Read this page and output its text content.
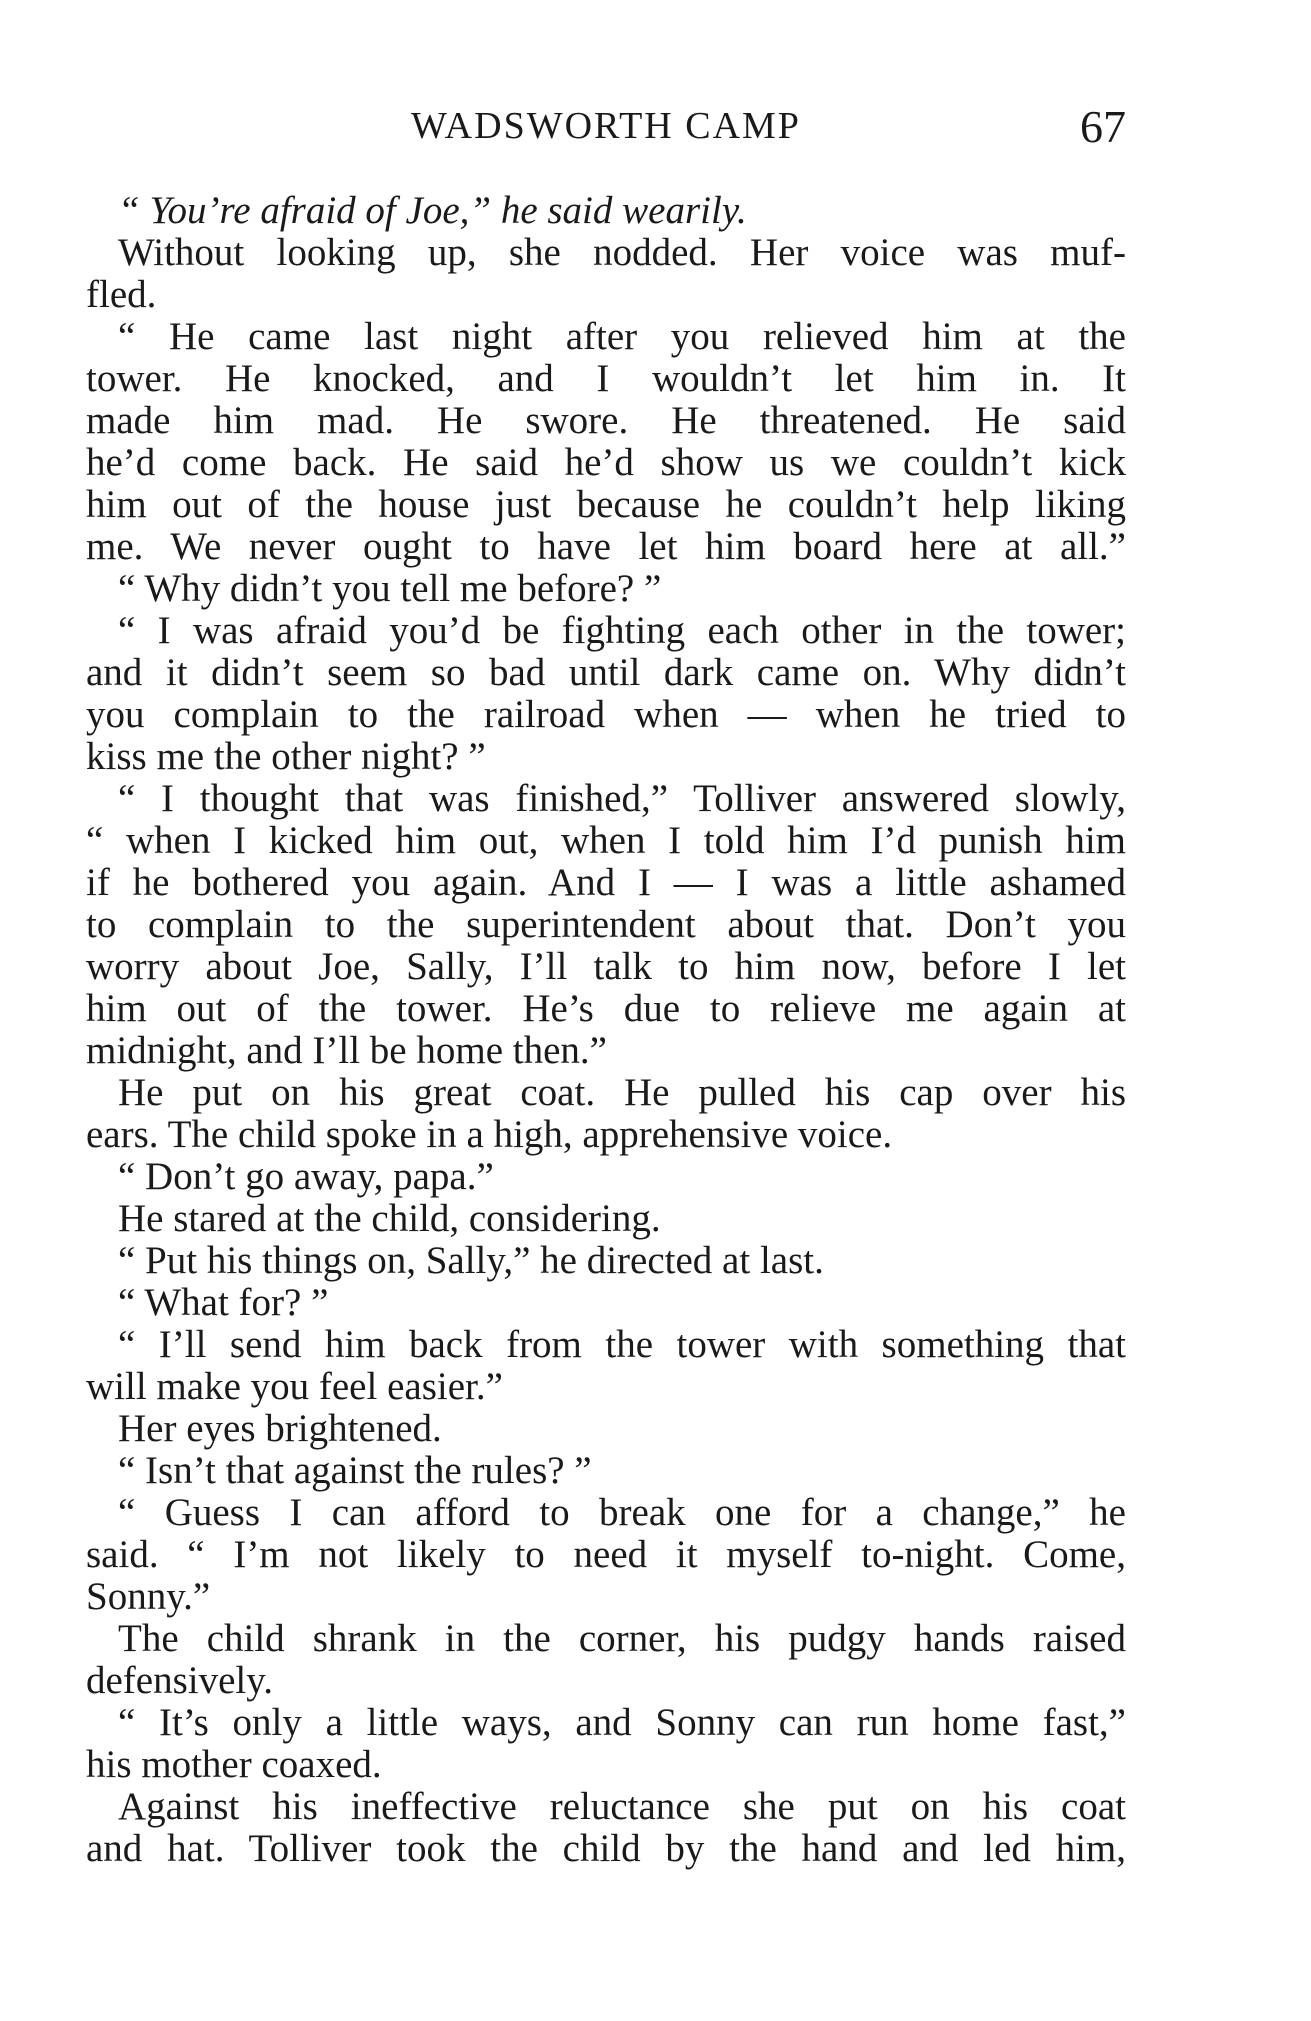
WADSWORTH CAMP	67
“ You’re afraid of Joe,” he said wearily.
Without looking up, she nodded. Her voice was muf-
fled.
“ He came last night after you relieved him at the
tower. He knocked, and I wouldn’t let him in. It
made him mad. He swore. He threatened. He said
he’d come back. He said he’d show us we couldn’t kick
him out of the house just because he couldn’t help liking
me. We never ought to have let him board here at all.”
“ Why didn’t you tell me before? ”
“ I was afraid you’d be fighting each other in the tower;
and it didn’t seem so bad until dark came on. Why didn’t
you complain to the railroad when — when he tried to
kiss me the other night? ”
“ I thought that was finished,” Tolliver answered slowly,
“ when I kicked him out, when I told him I’d punish him
if he bothered you again. And I — I was a little ashamed
to complain to the superintendent about that. Don’t you
worry about Joe, Sally, I’ll talk to him now, before I let
him out of the tower. He’s due to relieve me again at
midnight, and I’ll be home then.”
He put on his great coat. He pulled his cap over his
ears. The child spoke in a high, apprehensive voice.
“ Don’t go away, papa.”
He stared at the child, considering.
“ Put his things on, Sally,” he directed at last.
“ What for? ”
“ I’ll send him back from the tower with something that
will make you feel easier.”
Her eyes brightened.
“ Isn’t that against the rules? ”
“ Guess I can afford to break one for a change,” he
said. “ I’m not likely to need it myself to-night. Come,
Sonny.”
The child shrank in the corner, his pudgy hands raised
defensively.
“ It’s only a little ways, and Sonny can run home fast,”
his mother coaxed.
Against his ineffective reluctance she put on his coat
and hat. Tolliver took the child by the hand and led him,
